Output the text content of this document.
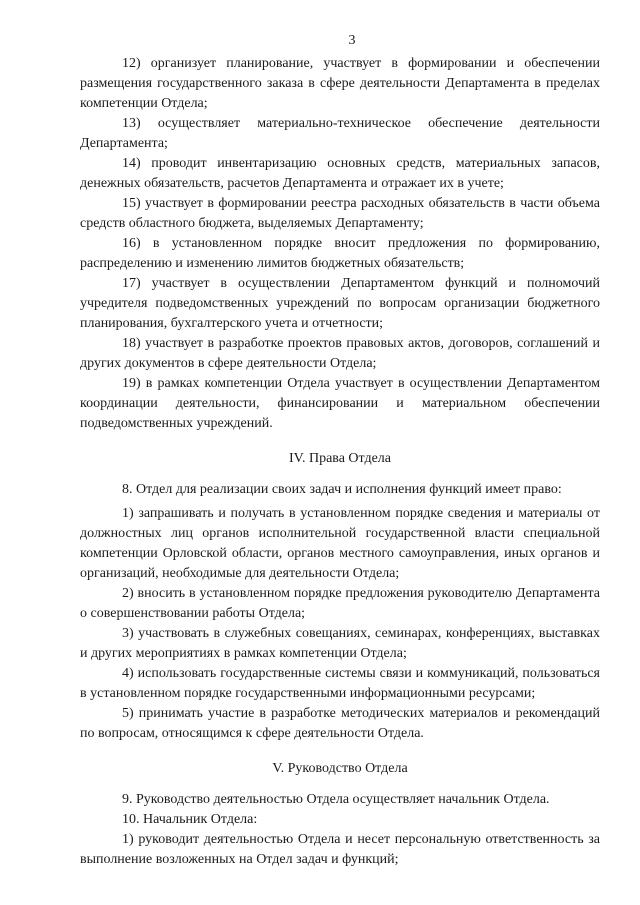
3

12) организует планирование, участвует в формировании и обеспечении размещения государственного заказа в сфере деятельности Департамента в пределах компетенции Отдела;

13) осуществляет материально-техническое обеспечение деятельности Департамента;

14) проводит инвентаризацию основных средств, материальных запасов, денежных обязательств, расчетов Департамента и отражает их в учете;

15) участвует в формировании реестра расходных обязательств в части объема средств областного бюджета, выделяемых Департаменту;

16) в установленном порядке вносит предложения по формированию, распределению и изменению лимитов бюджетных обязательств;

17) участвует в осуществлении Департаментом функций и полномочий учредителя подведомственных учреждений по вопросам организации бюджетного планирования, бухгалтерского учета и отчетности;

18) участвует в разработке проектов правовых актов, договоров, соглашений и других документов в сфере деятельности Отдела;

19) в рамках компетенции Отдела участвует в осуществлении Департаментом координации деятельности, финансировании и материальном обеспечении подведомственных учреждений.

IV. Права Отдела

8. Отдел для реализации своих задач и исполнения функций имеет право:

1) запрашивать и получать в установленном порядке сведения и материалы от должностных лиц органов исполнительной государственной власти специальной компетенции Орловской области, органов местного самоуправления, иных органов и организаций, необходимые для деятельности Отдела;

2) вносить в установленном порядке предложения руководителю Департамента о совершенствовании работы Отдела;

3) участвовать в служебных совещаниях, семинарах, конференциях, выставках и других мероприятиях в рамках компетенции Отдела;

4) использовать государственные системы связи и коммуникаций, пользоваться в установленном порядке государственными информационными ресурсами;

5) принимать участие в разработке методических материалов и рекомендаций по вопросам, относящимся к сфере деятельности Отдела.

V. Руководство Отдела

9. Руководство деятельностью Отдела осуществляет начальник Отдела.

10. Начальник Отдела:

1) руководит деятельностью Отдела и несет персональную ответственность за выполнение возложенных на Отдел задач и функций;
